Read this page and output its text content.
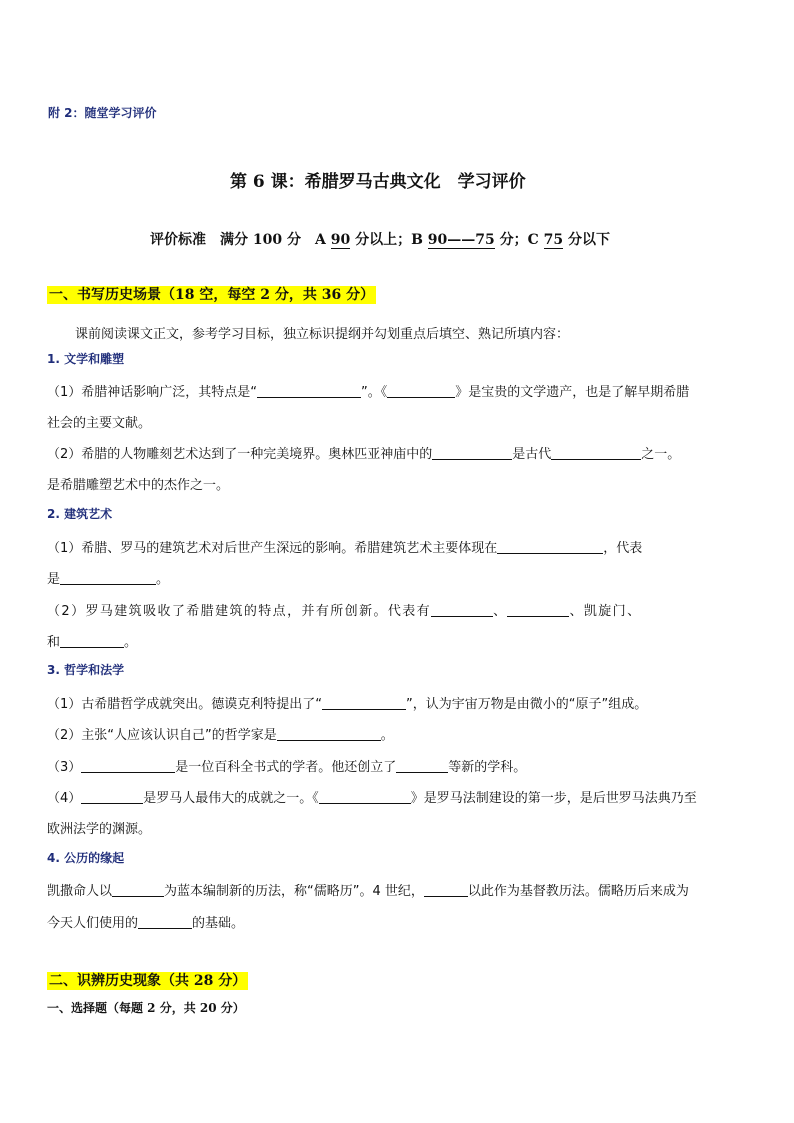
附 2：随堂学习评价
第 6 课：希腊罗马古典文化　学习评价
评价标准　满分 100 分　A 90 分以上；B 90——75 分；C 75 分以下
一、书写历史场景（18 空，每空 2 分，共 36 分）
课前阅读课文正文，参考学习目标，独立标识提纲并勾划重点后填空、熟记所填内容：
1. 文学和雕塑
（1）希腊神话影响广泛，其特点是“	”。《	》是宝贵的文学遗产，也是了解早期希腊
社会的主要文献。
（2）希腊的人物雕刻艺术达到了一种完美境界。奥林匹亚神庙中的	是古代	之一。
是希腊雕塑艺术中的杰作之一。
2. 建筑艺术
（1）希腊、罗马的建筑艺术对后世产生深远的影响。希腊建筑艺术主要体现在	，代表
是	。
（2）罗马建筑吸收了希腊建筑的特点，并有所创新。代表有	、	、凯旋门、
和	。
3. 哲学和法学
（1）古希腊哲学成就突出。德谟克利特提出了“	”，认为宇宙万物是由微小的“原子”组成。
（2）主张“人应该认识自己”的哲学家是	。
（3）	是一位百科全书式的学者。他还创立了	等新的学科。
（4）	是罗马人最伟大的成就之一。《	》是罗马法制建设的第一步，是后世罗马法典乃至
欧洲法学的渊源。
4. 公历的缘起
凯撒命人以	为蓝本编制新的历法，称“儒略历”。4 世纪，	以此作为基督教历法。儒略历后来成为
今天人们使用的	的基础。
二、识辨历史现象（共 28 分）
一、选择题（每题 2 分，共 20 分）
